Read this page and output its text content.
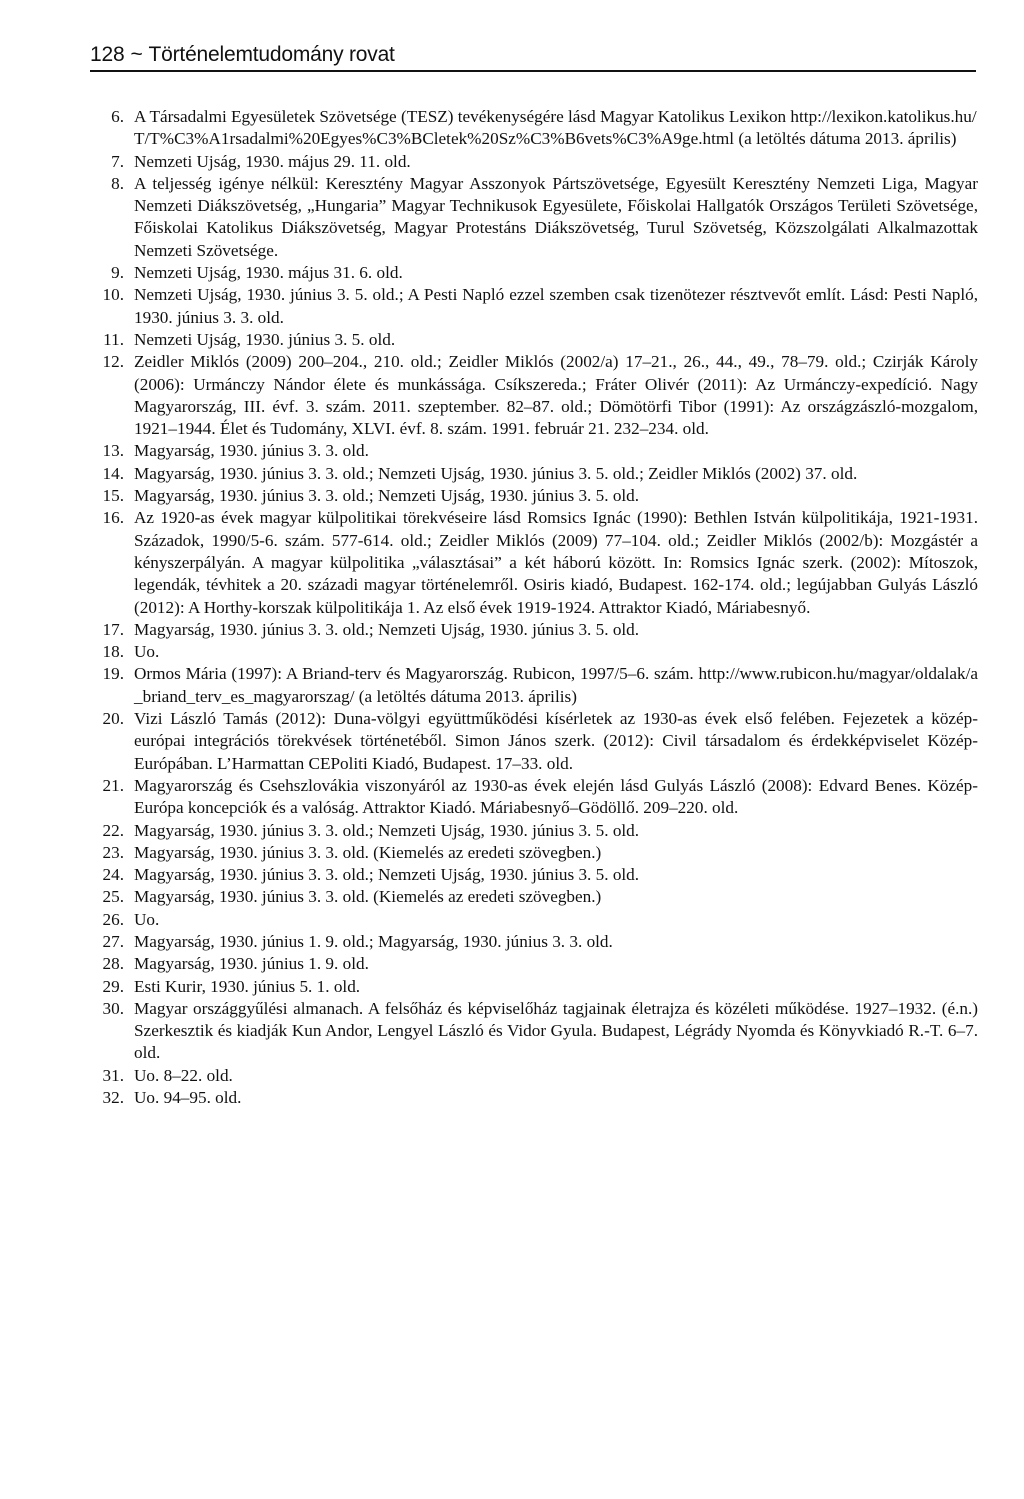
128 ~ Történelemtudomány rovat
6. A Társadalmi Egyesületek Szövetsége (TESZ) tevékenységére lásd Magyar Katolikus Lexikon http://lexikon.katolikus.hu/T/T%C3%A1rsadalmi%20Egyes%C3%BCletek%20Sz%C3%B6vets%C3%A9ge.html (a letöltés dátuma 2013. április)
7. Nemzeti Ujság, 1930. május 29. 11. old.
8. A teljesség igénye nélkül: Keresztény Magyar Asszonyok Pártszövetsége, Egyesült Keresztény Nemzeti Liga, Magyar Nemzeti Diákszövetség, „Hungaria” Magyar Technikusok Egyesülete, Főiskolai Hallgatók Országos Területi Szövetsége, Főiskolai Katolikus Diákszövetség, Magyar Protestáns Diákszövetség, Turul Szövetség, Közszolgálati Alkalmazottak Nemzeti Szövetsége.
9. Nemzeti Ujság, 1930. május 31. 6. old.
10. Nemzeti Ujság, 1930. június 3. 5. old.; A Pesti Napló ezzel szemben csak tizenötezer résztvevőt említ. Lásd: Pesti Napló, 1930. június 3. 3. old.
11. Nemzeti Ujság, 1930. június 3. 5. old.
12. Zeidler Miklós (2009) 200–204., 210. old.; Zeidler Miklós (2002/a) 17–21., 26., 44., 49., 78–79. old.; Czirják Károly (2006): Urmánczy Nándor élete és munkássága. Csíkszereda.; Fráter Olivér (2011): Az Urmánczy-expedíció. Nagy Magyarország, III. évf. 3. szám. 2011. szeptember. 82–87. old.; Dömötörfi Tibor (1991): Az országzászló-mozgalom, 1921–1944. Élet és Tudomány, XLVI. évf. 8. szám. 1991. február 21. 232–234. old.
13. Magyarság, 1930. június 3. 3. old.
14. Magyarság, 1930. június 3. 3. old.; Nemzeti Ujság, 1930. június 3. 5. old.; Zeidler Miklós (2002) 37. old.
15. Magyarság, 1930. június 3. 3. old.; Nemzeti Ujság, 1930. június 3. 5. old.
16. Az 1920-as évek magyar külpolitikai törekvéseire lásd Romsics Ignác (1990): Bethlen István külpolitikája, 1921-1931. Századok, 1990/5-6. szám. 577-614. old.; Zeidler Miklós (2009) 77–104. old.; Zeidler Miklós (2002/b): Mozgástér a kényszerpályán. A magyar külpolitika „választásai” a két háború között. In: Romsics Ignác szerk. (2002): Mítoszok, legendák, tévhitek a 20. századi magyar történelemről. Osiris kiadó, Budapest. 162-174. old.; legújabban Gulyás László (2012): A Horthy-korszak külpolitikája 1. Az első évek 1919-1924. Attraktor Kiadó, Máriabesnyő.
17. Magyarság, 1930. június 3. 3. old.; Nemzeti Ujság, 1930. június 3. 5. old.
18. Uo.
19. Ormos Mária (1997): A Briand-terv és Magyarország. Rubicon, 1997/5–6. szám. http://www.rubicon.hu/magyar/oldalak/a_briand_terv_es_magyarorszag/ (a letöltés dátuma 2013. április)
20. Vizi László Tamás (2012): Duna-völgyi együttműködési kísérletek az 1930-as évek első felében. Fejezetek a közép-európai integrációs törekvések történetéből. Simon János szerk. (2012): Civil társadalom és érdekképviselet Közép-Európában. L’Harmattan CEPoliti Kiadó, Budapest. 17–33. old.
21. Magyarország és Csehszlovákia viszonyáról az 1930-as évek elején lásd Gulyás László (2008): Edvard Benes. Közép-Európa koncepciók és a valóság. Attraktor Kiadó. Máriabesnyő–Gödöllő. 209–220. old.
22. Magyarság, 1930. június 3. 3. old.; Nemzeti Ujság, 1930. június 3. 5. old.
23. Magyarság, 1930. június 3. 3. old. (Kiemelés az eredeti szövegben.)
24. Magyarság, 1930. június 3. 3. old.; Nemzeti Ujság, 1930. június 3. 5. old.
25. Magyarság, 1930. június 3. 3. old. (Kiemelés az eredeti szövegben.)
26. Uo.
27. Magyarság, 1930. június 1. 9. old.; Magyarság, 1930. június 3. 3. old.
28. Magyarság, 1930. június 1. 9. old.
29. Esti Kurir, 1930. június 5. 1. old.
30. Magyar országgyűlési almanach. A felsőház és képviselőház tagjainak életrajza és közéleti működése. 1927–1932. (é.n.) Szerkesztik és kiadják Kun Andor, Lengyel László és Vidor Gyula. Budapest, Légrády Nyomda és Könyvkiadó R.-T. 6–7. old.
31. Uo. 8–22. old.
32. Uo. 94–95. old.
